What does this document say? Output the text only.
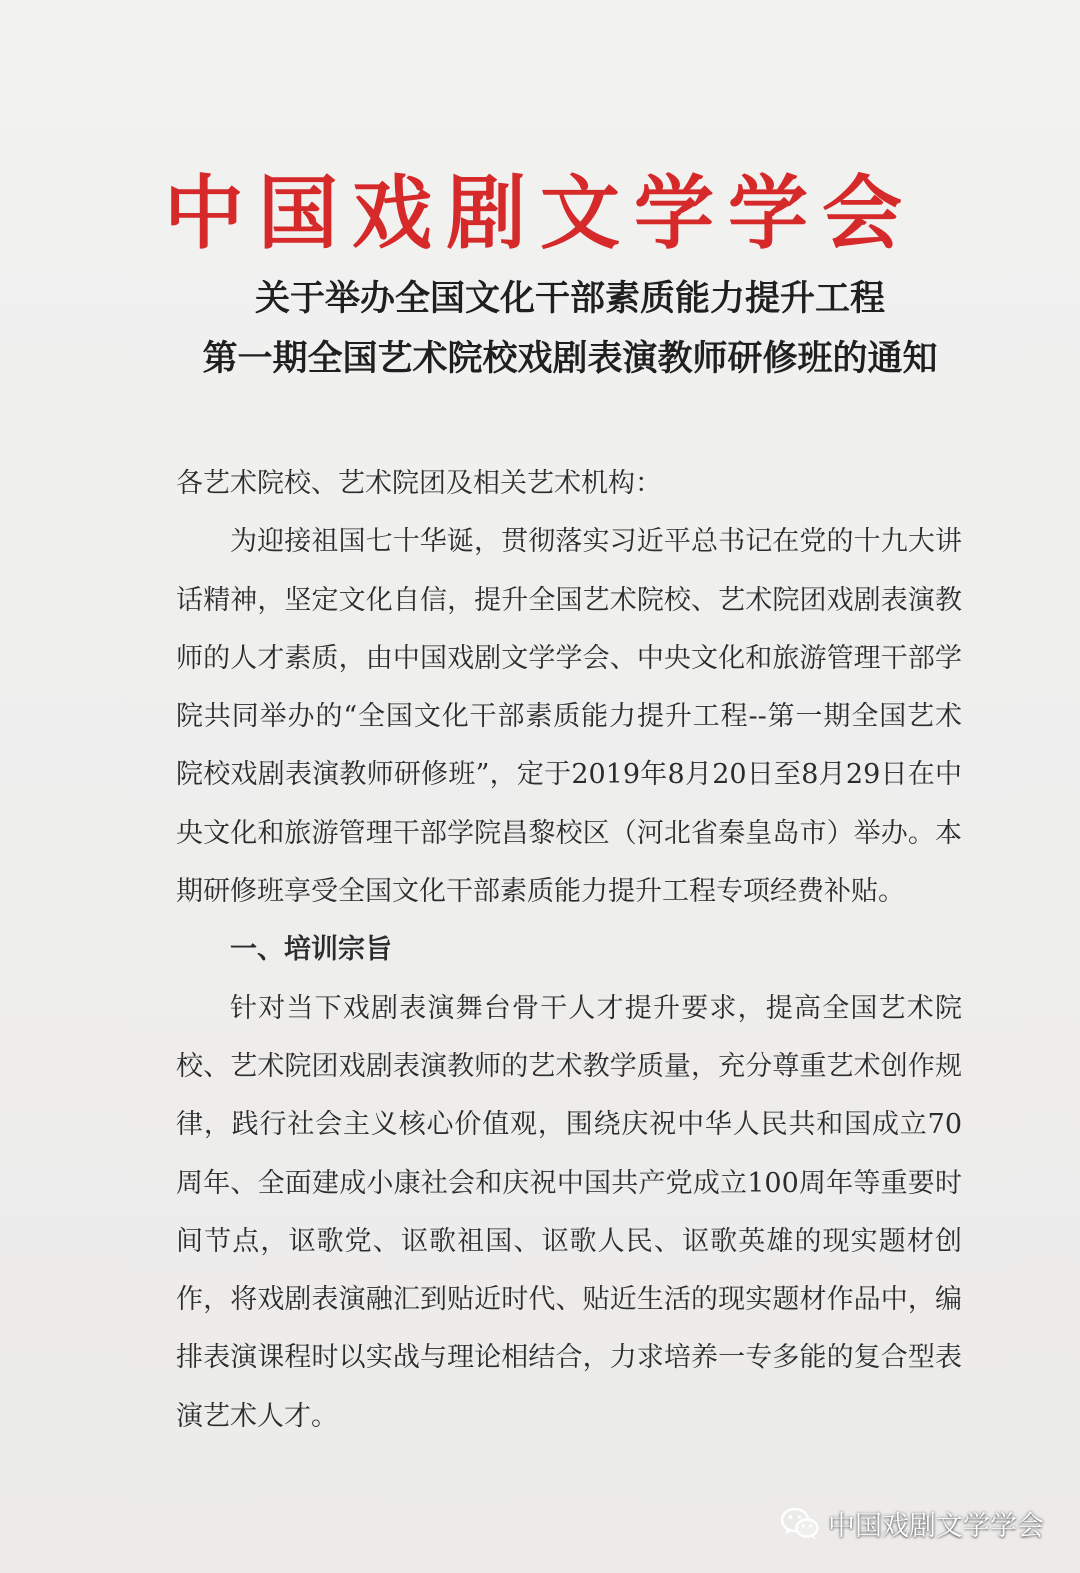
中国戏剧文学学会
关于举办全国文化干部素质能力提升工程
第一期全国艺术院校戏剧表演教师研修班的通知

各艺术院校、艺术院团及相关艺术机构：

为迎接祖国七十华诞，贯彻落实习近平总书记在党的十九大讲话精神，坚定文化自信，提升全国艺术院校、艺术院团戏剧表演教师的人才素质，由中国戏剧文学学会、中央文化和旅游管理干部学院共同举办的“全国文化干部素质能力提升工程--第一期全国艺术院校戏剧表演教师研修班”，定于2019年8月20日至8月29日在中央文化和旅游管理干部学院昌黎校区（河北省秦皇岛市）举办。本期研修班享受全国文化干部素质能力提升工程专项经费补贴。

一、培训宗旨

针对当下戏剧表演舞台骨干人才提升要求，提高全国艺术院校、艺术院团戏剧表演教师的艺术教学质量，充分尊重艺术创作规律，践行社会主义核心价值观，围绕庆祝中华人民共和国成立70周年、全面建成小康社会和庆祝中国共产党成立100周年等重要时间节点，讴歌党、讴歌祖国、讴歌人民、讴歌英雄的现实题材创作，将戏剧表演融汇到贴近时代、贴近生活的现实题材作品中，编排表演课程时以实战与理论相结合，力求培养一专多能的复合型表演艺术人才。

中国戏剧文学学会
